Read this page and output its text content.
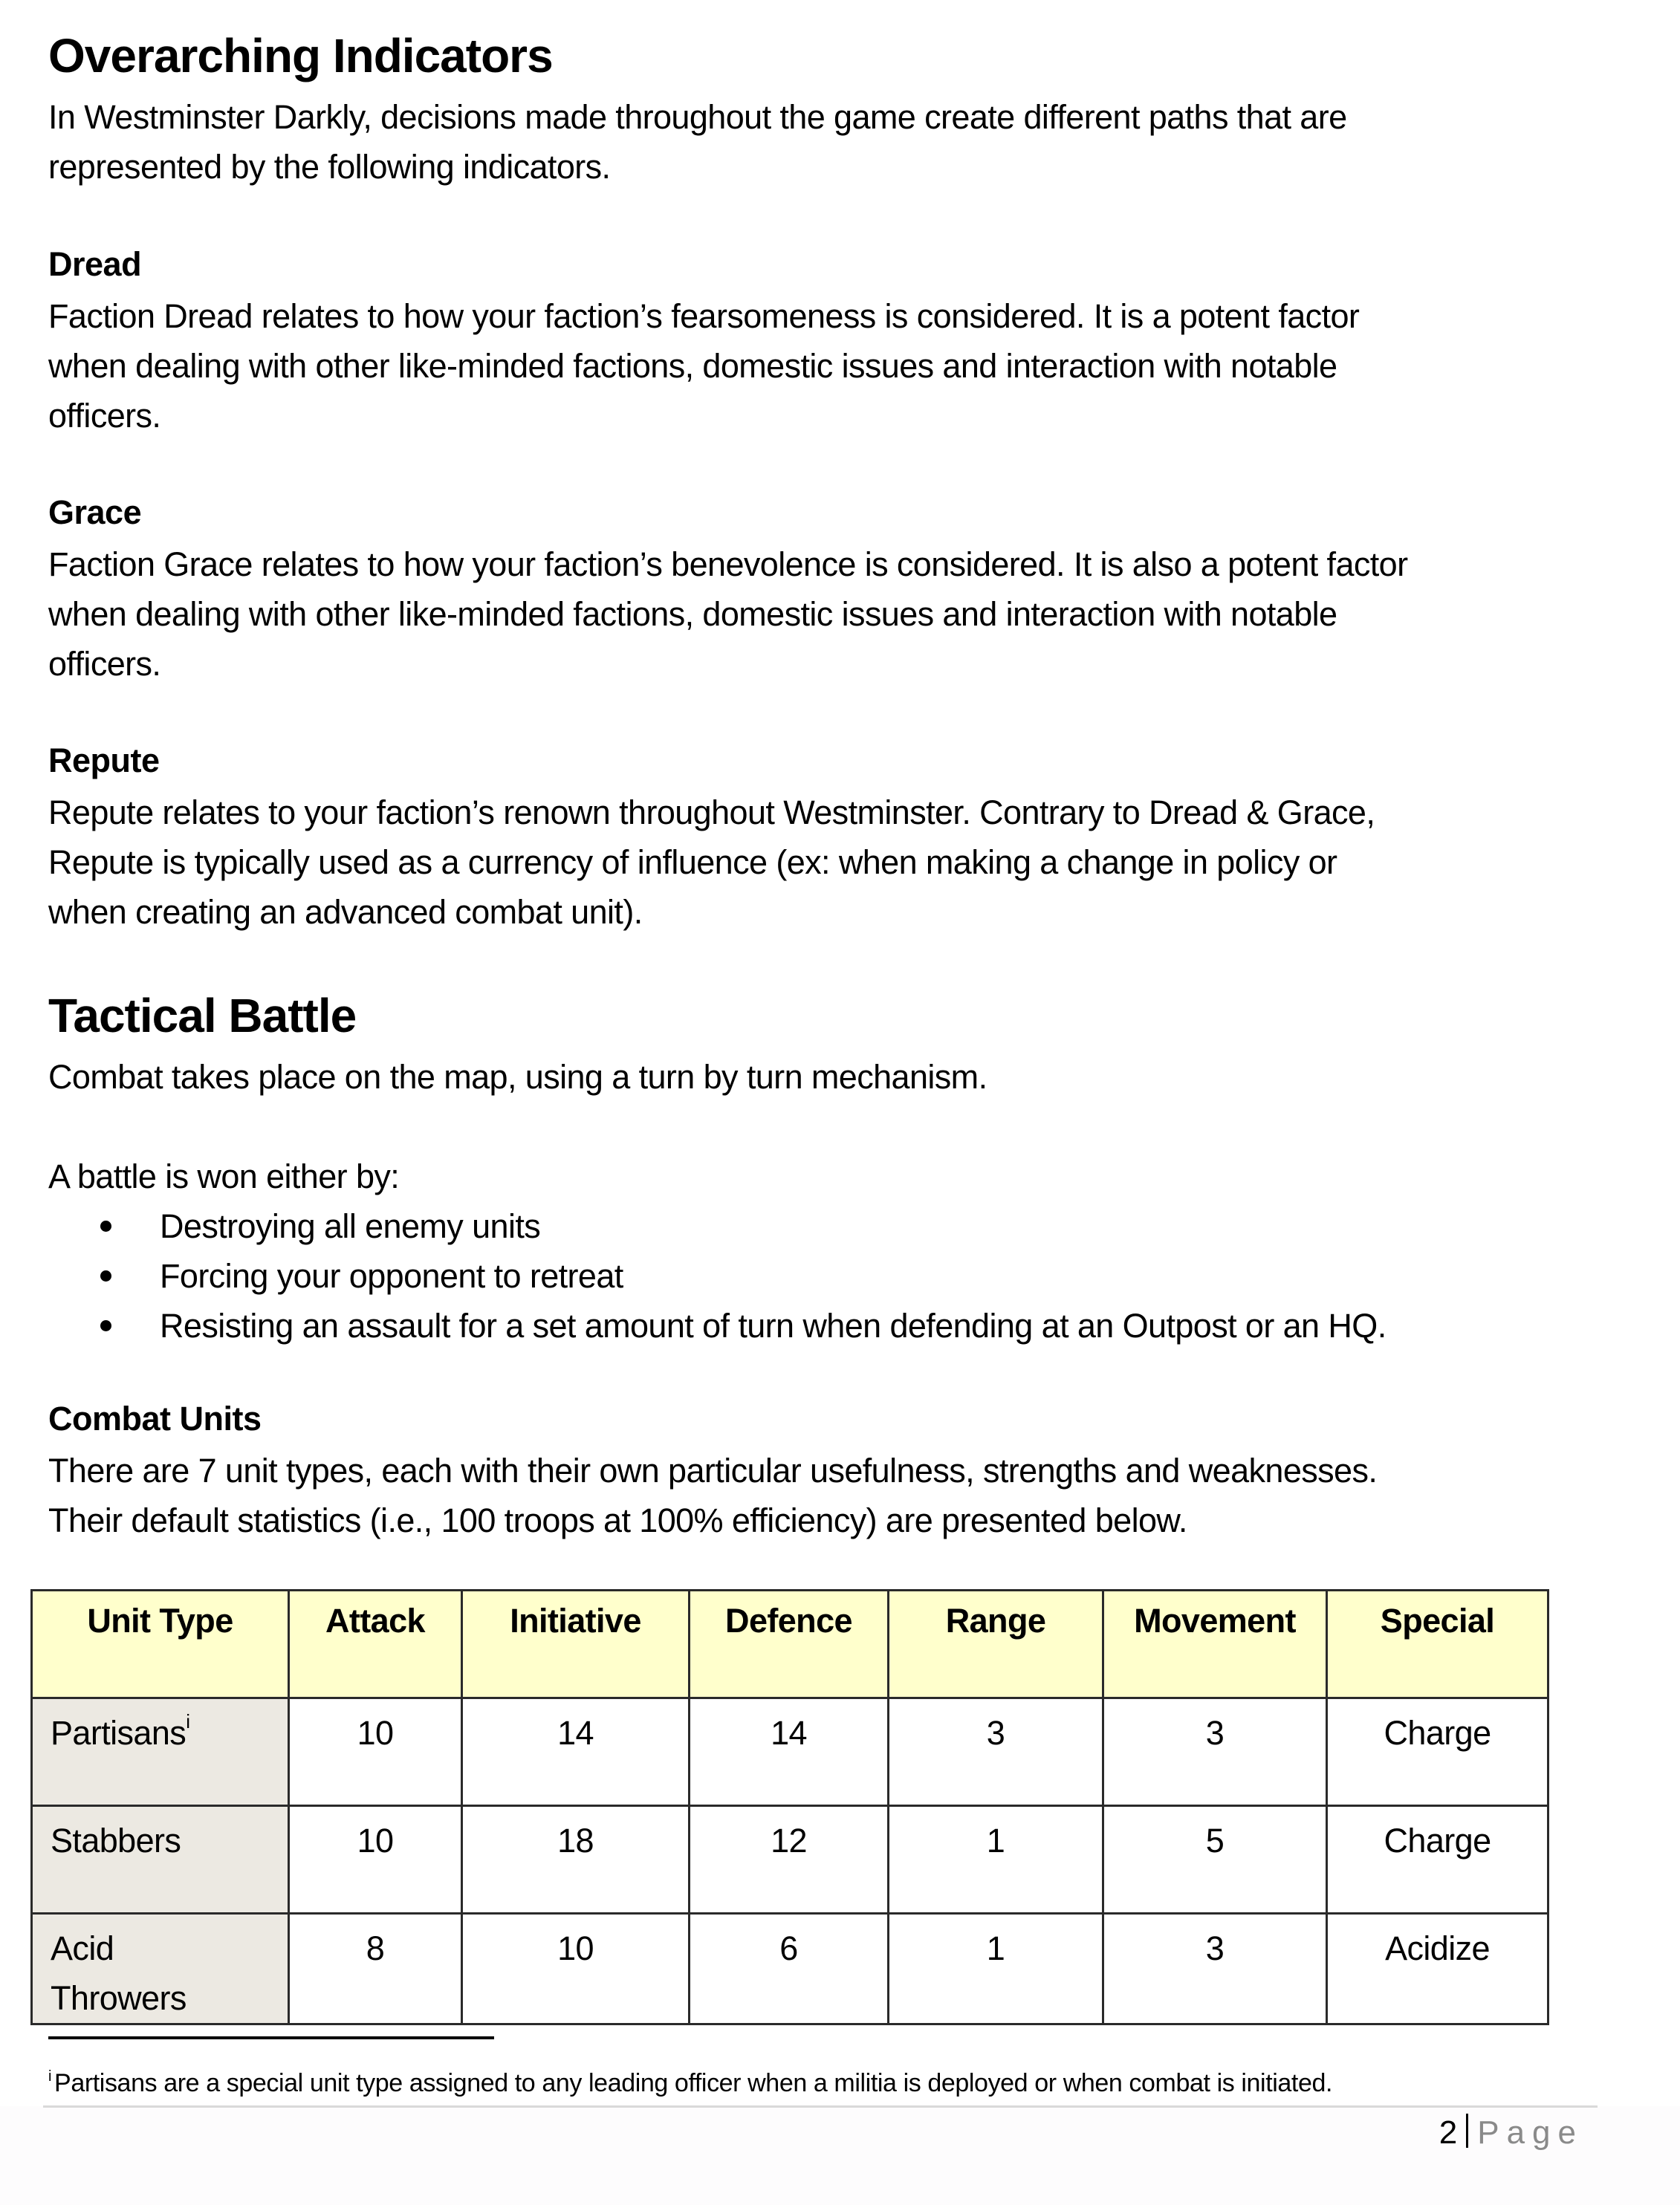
Overarching Indicators
In Westminster Darkly, decisions made throughout the game create different paths that are
represented by the following indicators.
Dread
Faction Dread relates to how your faction’s fearsomeness is considered. It is a potent factor
when dealing with other like-minded factions, domestic issues and interaction with notable
officers.
Grace
Faction Grace relates to how your faction’s benevolence is considered. It is also a potent factor
when dealing with other like-minded factions, domestic issues and interaction with notable
officers.
Repute
Repute relates to your faction’s renown throughout Westminster. Contrary to Dread & Grace,
Repute is typically used as a currency of influence (ex: when making a change in policy or
when creating an advanced combat unit).
Tactical Battle
Combat takes place on the map, using a turn by turn mechanism.
A battle is won either by:
Destroying all enemy units
Forcing your opponent to retreat
Resisting an assault for a set amount of turn when defending at an Outpost or an HQ.
Combat Units
There are 7 unit types, each with their own particular usefulness, strengths and weaknesses.
Their default statistics (i.e., 100 troops at 100% efficiency) are presented below.
Unit Type	Attack	Initiative	Defence	Range	Movement	Special
Partisans$^i$	10	14	14	3	3	Charge
Stabbers	10	18	12	1	5	Charge
Acid Throwers	8	10	6	1	3	Acidize
$^i$ Partisans are a special unit type assigned to any leading officer when a militia is deployed or when combat is initiated.
2 Page
